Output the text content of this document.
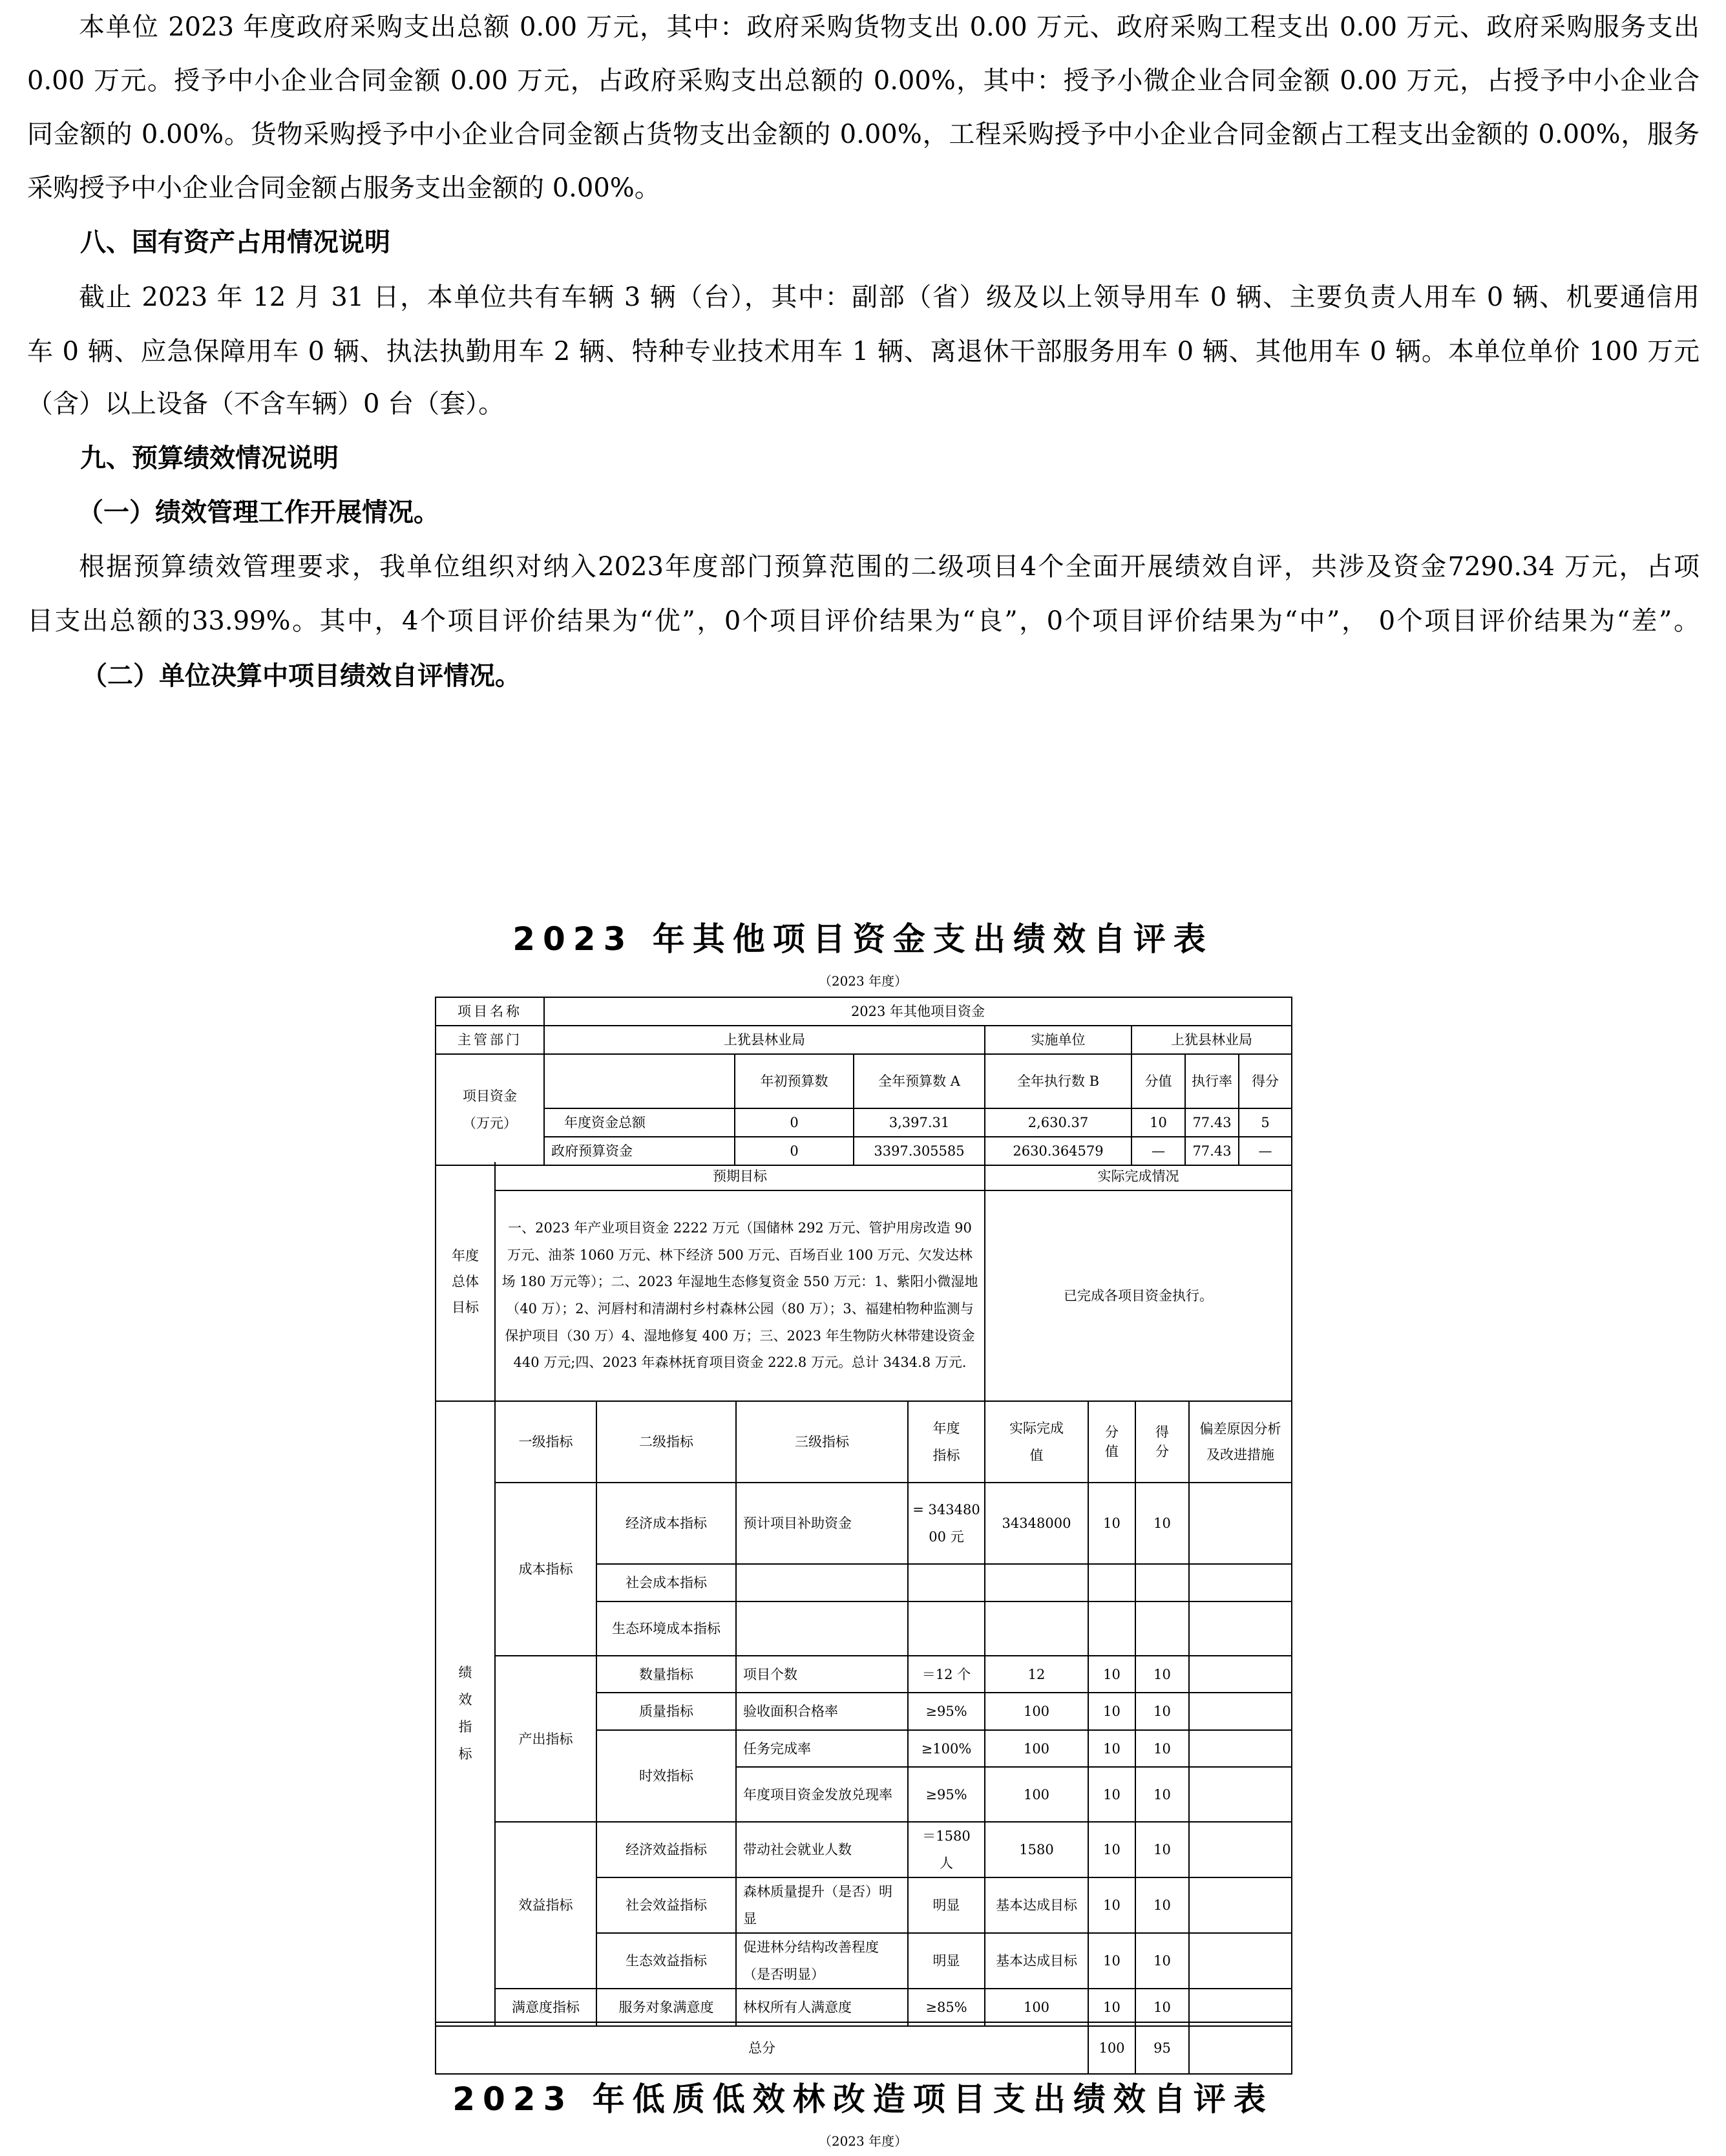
本单位 2023 年度政府采购支出总额 0.00 万元，其中：政府采购货物支出 0.00 万元、政府采购工程支出 0.00 万元、政府采购服务支出
0.00 万元。授予中小企业合同金额 0.00 万元，占政府采购支出总额的 0.00%，其中：授予小微企业合同金额 0.00 万元，占授予中小企业合
同金额的 0.00%。货物采购授予中小企业合同金额占货物支出金额的 0.00%，工程采购授予中小企业合同金额占工程支出金额的 0.00%，服务
采购授予中小企业合同金额占服务支出金额的 0.00%。
八、国有资产占用情况说明
截止 2023 年 12 月 31 日，本单位共有车辆 3 辆（台），其中：副部（省）级及以上领导用车 0 辆、主要负责人用车 0 辆、机要通信用
车 0 辆、应急保障用车 0 辆、执法执勤用车 2 辆、特种专业技术用车 1 辆、离退休干部服务用车 0 辆、其他用车 0 辆。本单位单价 100 万元
（含）以上设备（不含车辆）0 台（套）。
九、预算绩效情况说明
（一）绩效管理工作开展情况。
根据预算绩效管理要求，我单位组织对纳入2023年度部门预算范围的二级项目4个全面开展绩效自评，共涉及资金7290.34 万元，占项
目支出总额的33.99%。其中，4个项目评价结果为“优”，0个项目评价结果为“良”，0个项目评价结果为“中”， 0个项目评价结果为“差”。
（二）单位决算中项目绩效自评情况。
2023 年其他项目资金支出绩效自评表
（2023 年度）
项目名称	2023 年其他项目资金						
主管部门	上犹县林业局			实施单位	上犹县林业局		

项目资金
（万元）		年初预算数	全年预算数 A	全年执行数 B	分值	执行率	得分
	年度资金总额	0	3,397.31	2,630.37	10	77.43	5
	政府预算资金	0	3397.305585	2630.364579	—	77.43	—
年度
总体
目标	预期目标	实际完成情况
	一、2023 年产业项目资金 2222 万元（国储林 292 万元、管护用房改造 90 万元、油茶 1060 万元、林下经济 500 万元、百场百业 100 万元、欠发达林场 180 万元等）；二、2023 年湿地生态修复资金 550 万元：1、紫阳小微湿地（40 万）；2、河唇村和清湖村乡村森林公园（80 万）；3、福建柏物种监测与保护项目（30 万）4、湿地修复 400 万；三、2023 年生物防火林带建设资金 440 万元;四、2023 年森林抚育项目资金 222.8 万元。总计 3434.8 万元.	已完成各项目资金执行。
绩
效
指
标	一级指标	二级指标	三级指标	年度指标	实际完成值	分值	得分	偏差原因分析及改进措施
	成本指标	经济成本指标	预计项目补助资金	= 34348000 元	34348000	10	10	
		社会成本指标						
		生态环境成本指标						
	产出指标	数量指标	项目个数	＝12 个	12	10	10	
		质量指标	验收面积合格率	≥95%	100	10	10	
		时效指标	任务完成率	≥100%	100	10	10	
			年度项目资金发放兑现率	≥95%	100	10	10	
	效益指标	经济效益指标	带动社会就业人数	＝1580 人	1580	10	10	
		社会效益指标	森林质量提升（是否）明显	明显	基本达成目标	10	10	
		生态效益指标	促进林分结构改善程度（是否明显）	明显	基本达成目标	10	10	
	满意度指标	服务对象满意度	林权所有人满意度	≥85%	100	10	10	
总分	100	95	
2023 年低质低效林改造项目支出绩效自评表
（2023 年度）
